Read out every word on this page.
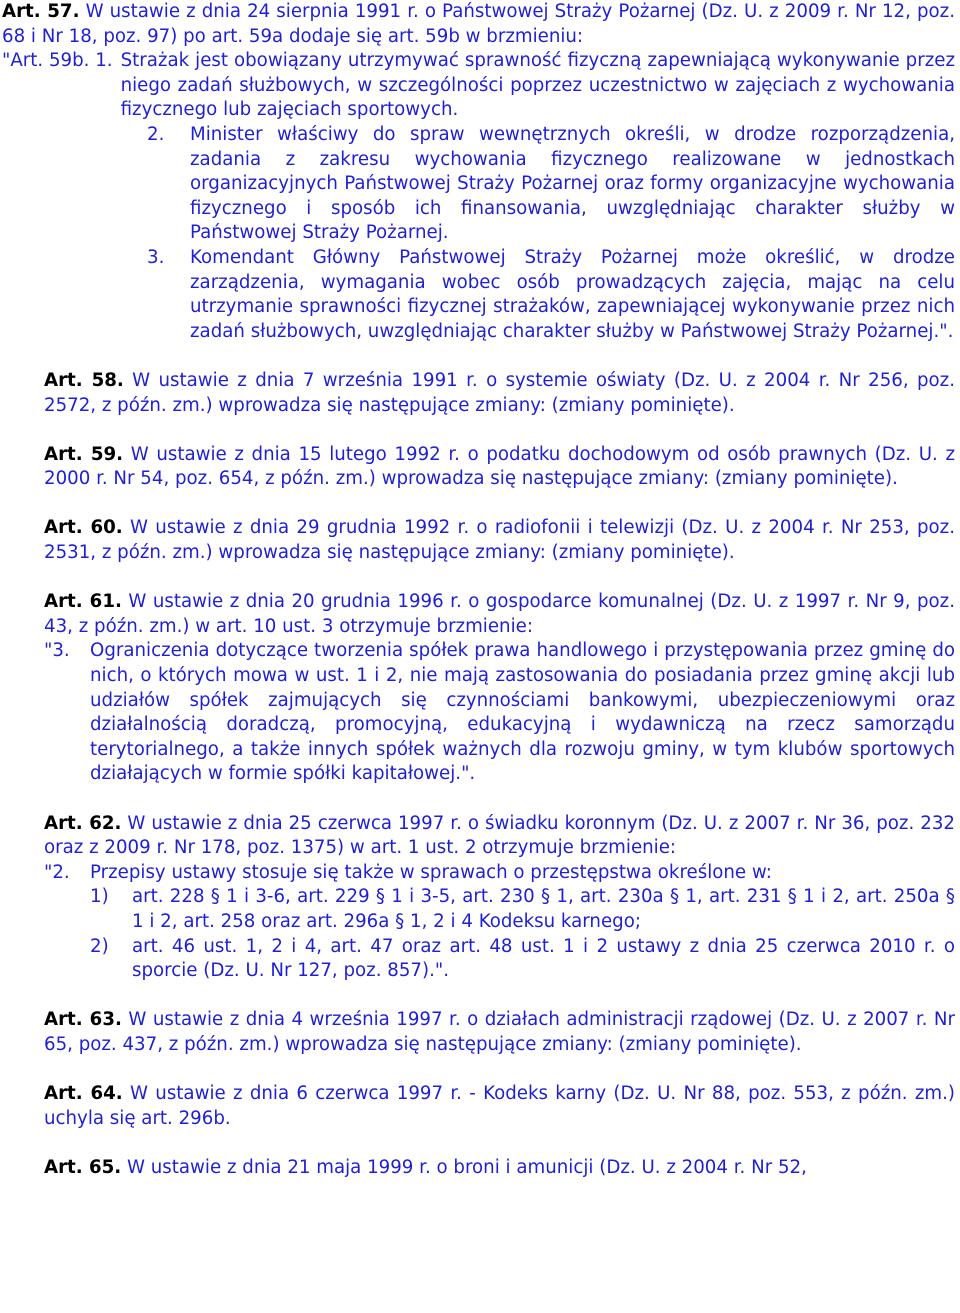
Art. 57. W ustawie z dnia 24 sierpnia 1991 r. o Państwowej Straży Pożarnej (Dz. U. z 2009 r. Nr 12, poz. 68 i Nr 18, poz. 97) po art. 59a dodaje się art. 59b w brzmieniu:

"Art. 59b. 1. Strażak jest obowiązany utrzymywać sprawność fizyczną zapewniającą wykonywanie przez niego zadań służbowych, w szczególności poprzez uczestnictwo w zajęciach z wychowania fizycznego lub zajęciach sportowych.

2.	Minister właściwy do spraw wewnętrznych określi, w drodze rozporządzenia, zadania z zakresu wychowania fizycznego realizowane w jednostkach organizacyjnych Państwowej Straży Pożarnej oraz formy organizacyjne wychowania fizycznego i sposób ich finansowania, uwzględniając charakter służby w Państwowej Straży Pożarnej.

3.	Komendant Główny Państwowej Straży Pożarnej może określić, w drodze zarządzenia, wymagania wobec osób prowadzących zajęcia, mając na celu utrzymanie sprawności fizycznej strażaków, zapewniającej wykonywanie przez nich zadań służbowych, uwzględniając charakter służby w Państwowej Straży Pożarnej.".

Art. 58. W ustawie z dnia 7 września 1991 r. o systemie oświaty (Dz. U. z 2004 r. Nr 256, poz. 2572, z późn. zm.) wprowadza się następujące zmiany: (zmiany pominięte).

Art. 59. W ustawie z dnia 15 lutego 1992 r. o podatku dochodowym od osób prawnych (Dz. U. z 2000 r. Nr 54, poz. 654, z późn. zm.) wprowadza się następujące zmiany: (zmiany pominięte).

Art. 60. W ustawie z dnia 29 grudnia 1992 r. o radiofonii i telewizji (Dz. U. z 2004 r. Nr 253, poz. 2531, z późn. zm.) wprowadza się następujące zmiany: (zmiany pominięte).

Art. 61. W ustawie z dnia 20 grudnia 1996 r. o gospodarce komunalnej (Dz. U. z 1997 r. Nr 9, poz. 43, z późn. zm.) w art. 10 ust. 3 otrzymuje brzmienie:

"3.	Ograniczenia dotyczące tworzenia spółek prawa handlowego i przystępowania przez gminę do nich, o których mowa w ust. 1 i 2, nie mają zastosowania do posiadania przez gminę akcji lub udziałów spółek zajmujących się czynnościami bankowymi, ubezpieczeniowymi oraz działalnością doradczą, promocyjną, edukacyjną i wydawniczą na rzecz samorządu terytorialnego, a także innych spółek ważnych dla rozwoju gminy, w tym klubów sportowych działających w formie spółki kapitałowej.".

Art. 62. W ustawie z dnia 25 czerwca 1997 r. o świadku koronnym (Dz. U. z 2007 r. Nr 36, poz. 232 oraz z 2009 r. Nr 178, poz. 1375) w art. 1 ust. 2 otrzymuje brzmienie:

"2.	Przepisy ustawy stosuje się także w sprawach o przestępstwa określone w:

1)	art. 228 § 1 i 3-6, art. 229 § 1 i 3-5, art. 230 § 1, art. 230a § 1, art. 231 § 1 i 2, art. 250a § 1 i 2, art. 258 oraz art. 296a § 1, 2 i 4 Kodeksu karnego;

2)	art. 46 ust. 1, 2 i 4, art. 47 oraz art. 48 ust. 1 i 2 ustawy z dnia 25 czerwca 2010 r. o sporcie (Dz. U. Nr 127, poz. 857).".

Art. 63. W ustawie z dnia 4 września 1997 r. o działach administracji rządowej (Dz. U. z 2007 r. Nr 65, poz. 437, z późn. zm.) wprowadza się następujące zmiany: (zmiany pominięte).

Art. 64. W ustawie z dnia 6 czerwca 1997 r. - Kodeks karny (Dz. U. Nr 88, poz. 553, z późn. zm.) uchyla się art. 296b.

Art. 65. W ustawie z dnia 21 maja 1999 r. o broni i amunicji (Dz. U. z 2004 r. Nr 52,
